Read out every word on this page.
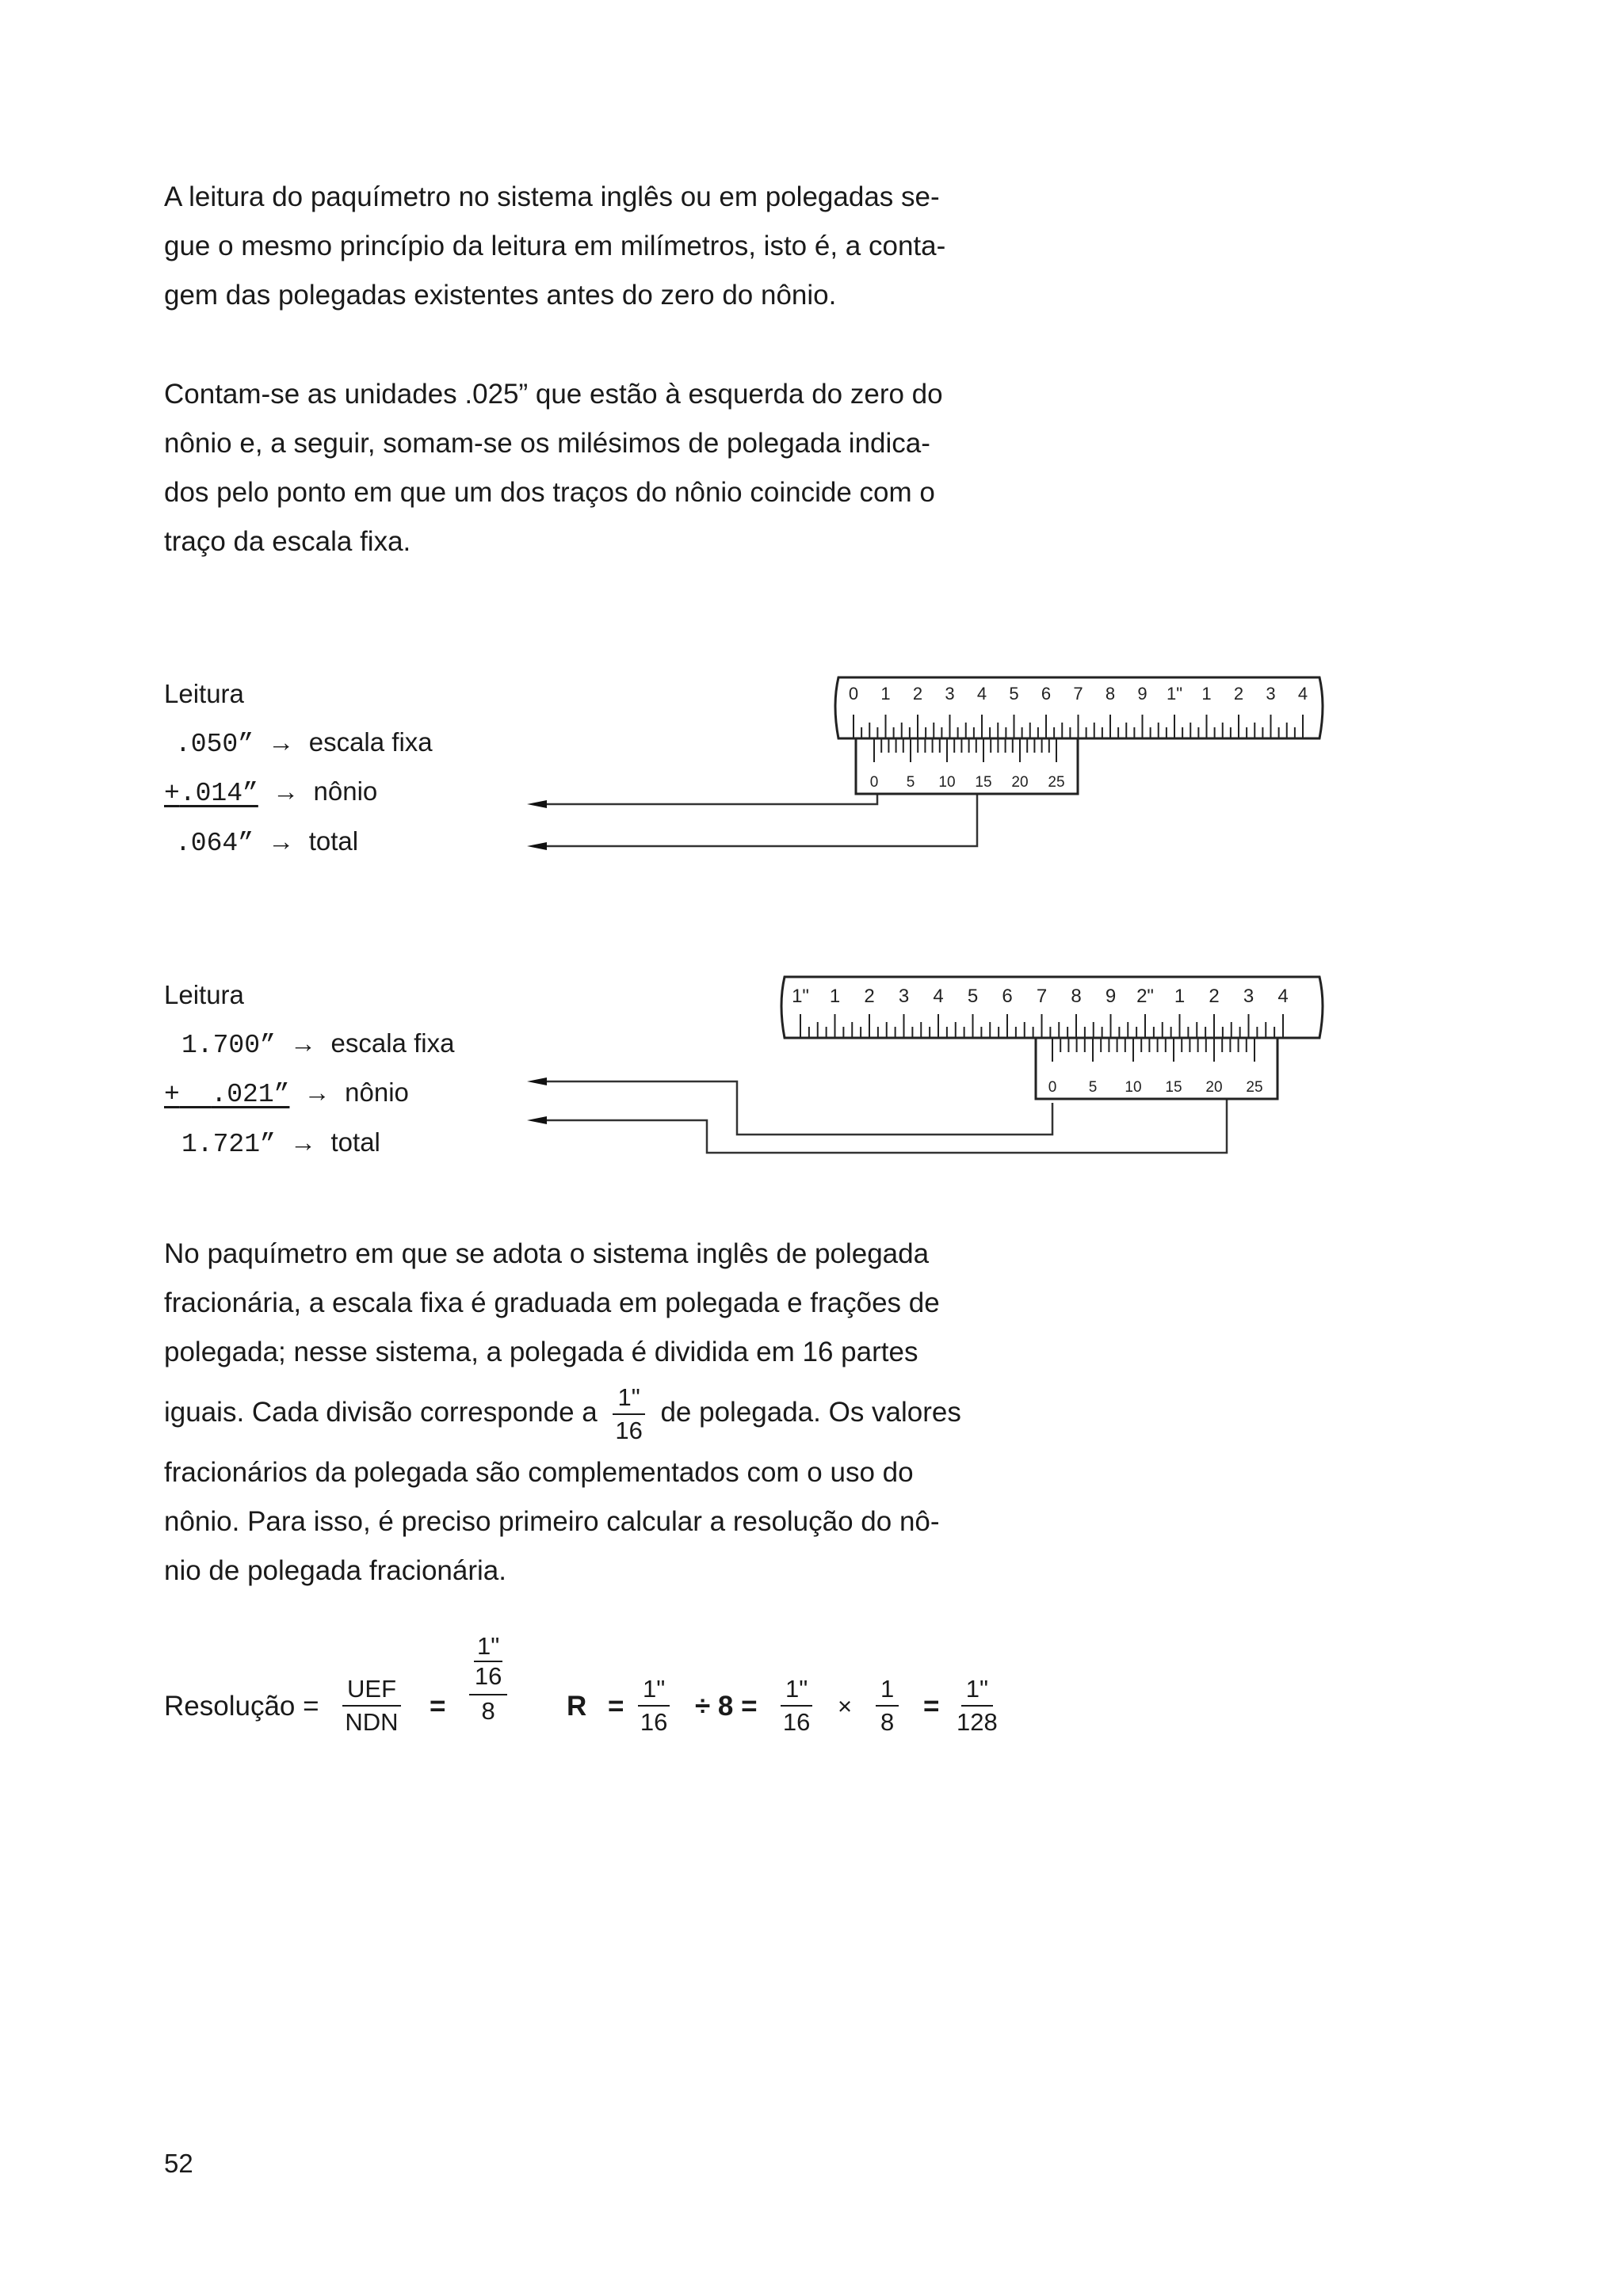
A leitura do paquímetro no sistema inglês ou em polegadas se-
gue o mesmo princípio da leitura em milímetros, isto é, a conta-
gem das polegadas existentes antes do zero do nônio.
Contam-se as unidades .025” que estão à esquerda do zero do
nônio e, a seguir, somam-se os milésimos de polegada indica-
dos pelo ponto em que um dos traços do nônio coincide com o
traço da escala fixa.
Leitura
.050” → escala fixa
+.014” → nônio
.064” → total
0 1 2 3 4 5 6 7 8 9 1" 1 2 3 4
0 5 10 15 20 25
Leitura
1.700” → escala fixa
+ .021” → nônio
1.721” → total
1" 1 2 3 4 5 6 7 8 9 2" 1 2 3 4
0 5 10 15 20 25
No paquímetro em que se adota o sistema inglês de polegada
fracionária, a escala fixa é graduada em polegada e frações de
polegada; nesse sistema, a polegada é dividida em 16 partes
iguais. Cada divisão corresponde a $\frac{1"}{16}$ de polegada. Os valores
fracionários da polegada são complementados com o uso do
nônio. Para isso, é preciso primeiro calcular a resolução do nô-
nio de polegada fracionária.
Resolução =
UEF
NDN
= $\frac{\frac{1"}{16}}{8}$ $R = \frac{1"}{16} \div 8 = \frac{1"}{16} \times \frac{1}{8} = \frac{1"}{128}$
52
